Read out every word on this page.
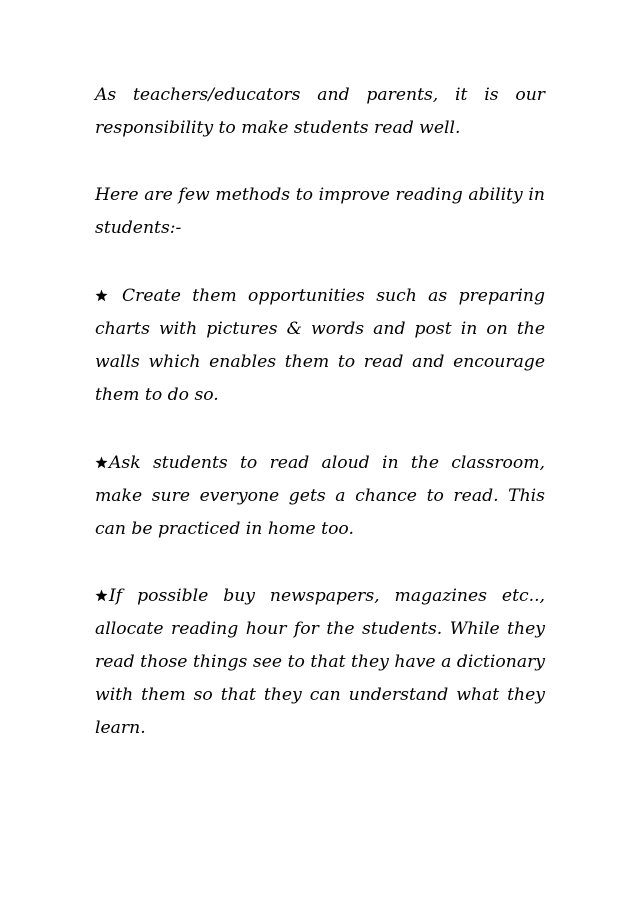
As teachers/educators and parents, it is our responsibility to make students read well.

Here are few methods to improve reading ability in students:-

Create them opportunities such as preparing charts with pictures & words and post in on the walls which enables them to read and encourage them to do so.

Ask students to read aloud in the classroom, make sure everyone gets a chance to read. This can be practiced in home too.

If possible buy newspapers, magazines etc.., allocate reading hour for the students. While they read those things see to that they have a dictionary with them so that they can understand what they learn.
